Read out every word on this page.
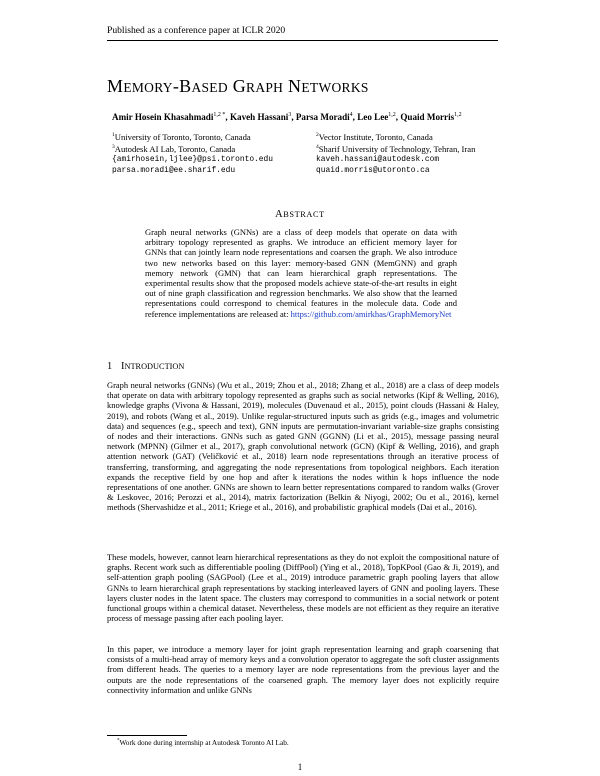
Published as a conference paper at ICLR 2020
MEMORY-BASED GRAPH NETWORKS
Amir Hosein Khasahmadi$^{1,2 *}$, Kaveh Hassani$^3$, Parsa Moradi$^4$, Leo Lee$^{1,2}$, Quaid Morris$^{1,2}$
$^1$University of Toronto, Toronto, Canada
$^3$Autodesk AI Lab, Toronto, Canada
{amirhosein,ljlee}@psi.toronto.edu
parsa.moradi@ee.sharif.edu
$^2$Vector Institute, Toronto, Canada
$^4$Sharif University of Technology, Tehran, Iran
kaveh.hassani@autodesk.com
quaid.morris@utoronto.ca
ABSTRACT
Graph neural networks (GNNs) are a class of deep models that operate on data with arbitrary topology represented as graphs. We introduce an efficient memory layer for GNNs that can jointly learn node representations and coarsen the graph. We also introduce two new networks based on this layer: memory-based GNN (MemGNN) and graph memory network (GMN) that can learn hierarchical graph representations. The experimental results show that the proposed models achieve state-of-the-art results in eight out of nine graph classification and regression benchmarks. We also show that the learned representations could correspond to chemical features in the molecule data. Code and reference implementations are released at: https://github.com/amirkhas/GraphMemoryNet
1 INTRODUCTION

Graph neural networks (GNNs) (Wu et al., 2019; Zhou et al., 2018; Zhang et al., 2018) are a class of deep models that operate on data with arbitrary topology represented as graphs such as social networks (Kipf & Welling, 2016), knowledge graphs (Vivona & Hassani, 2019), molecules (Duvenaud et al., 2015), point clouds (Hassani & Haley, 2019), and robots (Wang et al., 2019). Unlike regular-structured inputs such as grids (e.g., images and volumetric data) and sequences (e.g., speech and text), GNN inputs are permutation-invariant variable-size graphs consisting of nodes and their interactions. GNNs such as gated GNN (GGNN) (Li et al., 2015), message passing neural network (MPNN) (Gilmer et al., 2017), graph convolutional network (GCN) (Kipf & Welling, 2016), and graph attention network (GAT) (Veličković et al., 2018) learn node representations through an iterative process of transferring, transforming, and aggregating the node representations from topological neighbors. Each iteration expands the receptive field by one hop and after k iterations the nodes within k hops influence the node representations of one another. GNNs are shown to learn better representations compared to random walks (Grover & Leskovec, 2016; Perozzi et al., 2014), matrix factorization (Belkin & Niyogi, 2002; Ou et al., 2016), kernel methods (Shervashidze et al., 2011; Kriege et al., 2016), and probabilistic graphical models (Dai et al., 2016).

These models, however, cannot learn hierarchical representations as they do not exploit the compositional nature of graphs. Recent work such as differentiable pooling (DiffPool) (Ying et al., 2018), TopKPool (Gao & Ji, 2019), and self-attention graph pooling (SAGPool) (Lee et al., 2019) introduce parametric graph pooling layers that allow GNNs to learn hierarchical graph representations by stacking interleaved layers of GNN and pooling layers. These layers cluster nodes in the latent space. The clusters may correspond to communities in a social network or potent functional groups within a chemical dataset. Nevertheless, these models are not efficient as they require an iterative process of message passing after each pooling layer.

In this paper, we introduce a memory layer for joint graph representation learning and graph coarsening that consists of a multi-head array of memory keys and a convolution operator to aggregate the soft cluster assignments from different heads. The queries to a memory layer are node representations from the previous layer and the outputs are the node representations of the coarsened graph. The memory layer does not explicitly require connectivity information and unlike GNNs

*Work done during internship at Autodesk Toronto AI Lab.
1
